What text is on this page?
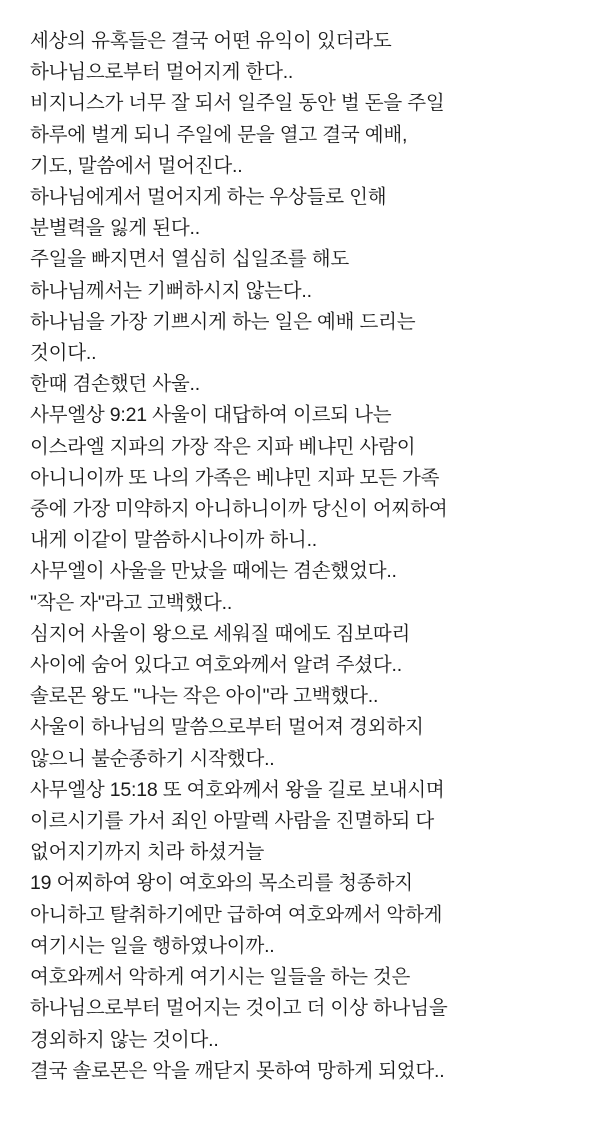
세상의 유혹들은 결국 어떤 유익이 있더라도
하나님으로부터 멀어지게 한다..
비지니스가 너무 잘 되서 일주일 동안 벌 돈을 주일
하루에 벌게 되니 주일에 문을 열고 결국 예배,
기도, 말씀에서 멀어진다..
하나님에게서 멀어지게 하는 우상들로 인해
분별력을 잃게 된다..
주일을 빠지면서 열심히 십일조를 해도
하나님께서는 기뻐하시지 않는다..
하나님을 가장 기쁘시게 하는 일은 예배 드리는
것이다..
한때 겸손했던 사울..
사무엘상 9:21 사울이 대답하여 이르되 나는
이스라엘 지파의 가장 작은 지파 베냐민 사람이
아니니이까 또 나의 가족은 베냐민 지파 모든 가족
중에 가장 미약하지 아니하니이까 당신이 어찌하여
내게 이같이 말씀하시나이까 하니..
사무엘이 사울을 만났을 때에는 겸손했었다..
"작은 자"라고 고백했다..
심지어 사울이 왕으로 세워질 때에도 짐보따리
사이에 숨어 있다고 여호와께서 알려 주셨다..
솔로몬 왕도 "나는 작은 아이"라 고백했다..
사울이 하나님의 말씀으로부터 멀어져 경외하지
않으니 불순종하기 시작했다..
사무엘상 15:18 또 여호와께서 왕을 길로 보내시며
이르시기를 가서 죄인 아말렉 사람을 진멸하되 다
없어지기까지 치라 하셨거늘
19 어찌하여 왕이 여호와의 목소리를 청종하지
아니하고 탈취하기에만 급하여 여호와께서 악하게
여기시는 일을 행하였나이까..
여호와께서 악하게 여기시는 일들을 하는 것은
하나님으로부터 멀어지는 것이고 더 이상 하나님을
경외하지 않는 것이다..
결국 솔로몬은 악을 깨닫지 못하여 망하게 되었다..
